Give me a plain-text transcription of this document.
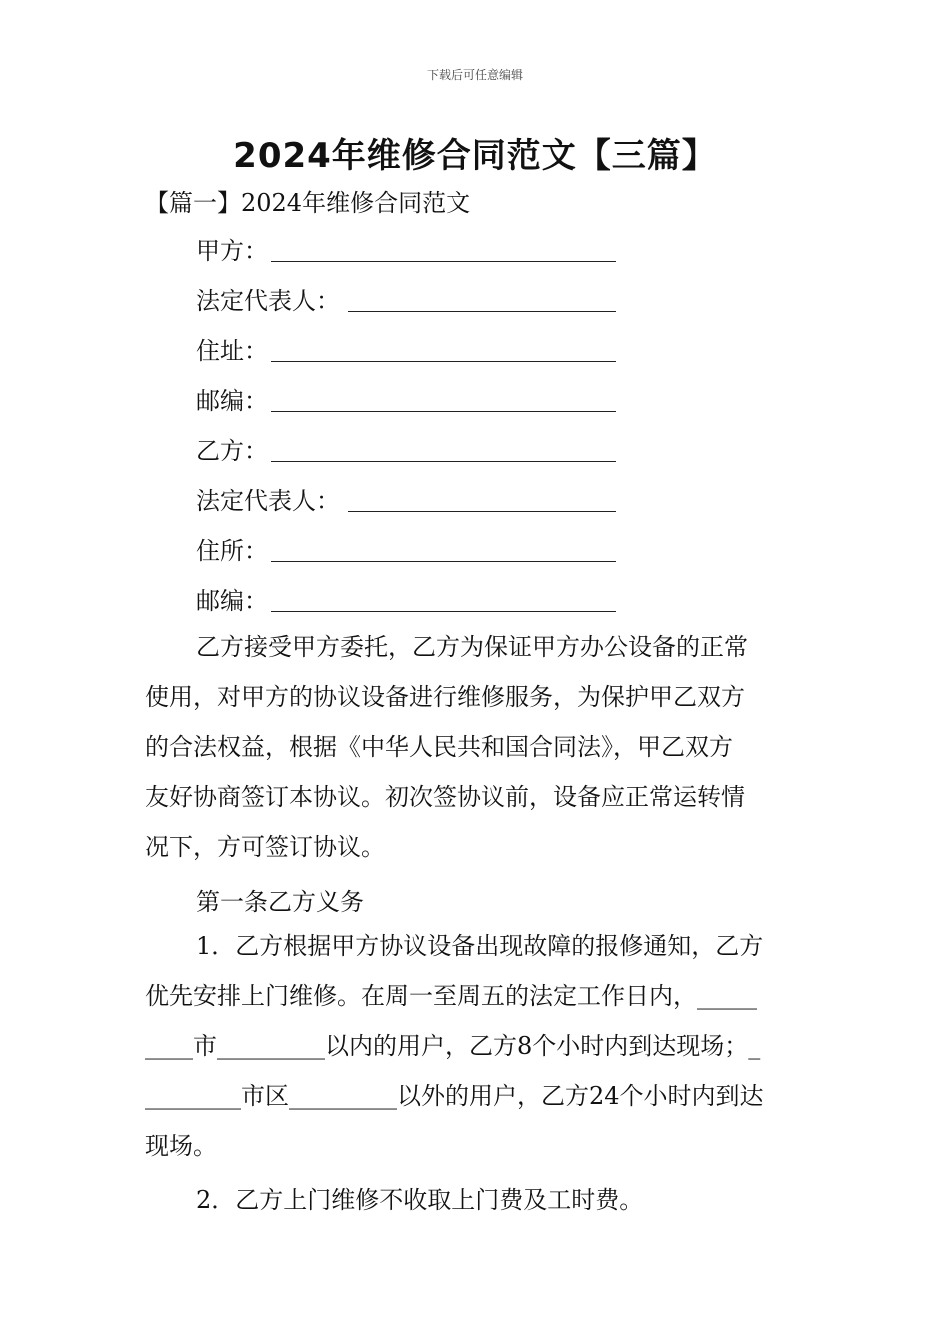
下载后可任意编辑
2024年维修合同范文【三篇】
【篇一】2024年维修合同范文
甲方：
法定代表人：
住址：
邮编：
乙方：
法定代表人：
住所：
邮编：
乙方接受甲方委托，乙方为保证甲方办公设备的正常
使用，对甲方的协议设备进行维修服务，为保护甲乙双方
的合法权益，根据《中华人民共和国合同法》，甲乙双方
友好协商签订本协议。初次签协议前，设备应正常运转情
况下，方可签订协议。
第一条乙方义务
1．乙方根据甲方协议设备出现故障的报修通知，乙方
优先安排上门维修。在周一至周五的法定工作日内，_____
____市_________以内的用户，乙方8个小时内到达现场；_
________市区_________以外的用户，乙方24个小时内到达
现场。
2．乙方上门维修不收取上门费及工时费。
